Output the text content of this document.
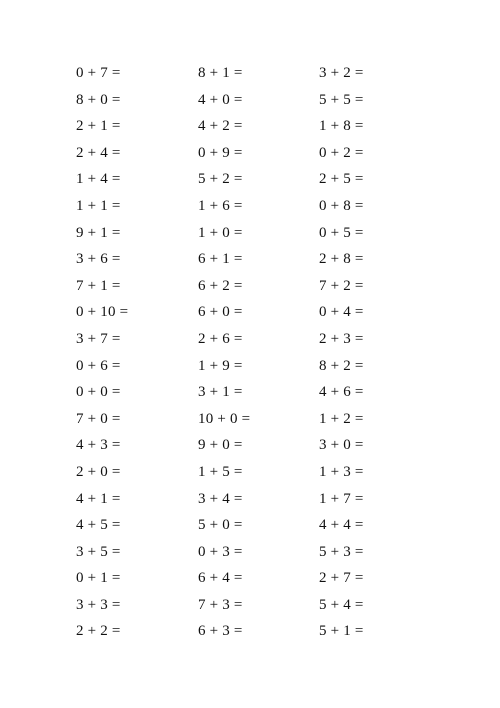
0 + 7 =
8 + 0 =
2 + 1 =
2 + 4 =
1 + 4 =
1 + 1 =
9 + 1 =
3 + 6 =
7 + 1 =
0 + 10 =
3 + 7 =
0 + 6 =
0 + 0 =
7 + 0 =
4 + 3 =
2 + 0 =
4 + 1 =
4 + 5 =
3 + 5 =
0 + 1 =
3 + 3 =
2 + 2 =
8 + 1 =
4 + 0 =
4 + 2 =
0 + 9 =
5 + 2 =
1 + 6 =
1 + 0 =
6 + 1 =
6 + 2 =
6 + 0 =
2 + 6 =
1 + 9 =
3 + 1 =
10 + 0 =
9 + 0 =
1 + 5 =
3 + 4 =
5 + 0 =
0 + 3 =
6 + 4 =
7 + 3 =
6 + 3 =
3 + 2 =
5 + 5 =
1 + 8 =
0 + 2 =
2 + 5 =
0 + 8 =
0 + 5 =
2 + 8 =
7 + 2 =
0 + 4 =
2 + 3 =
8 + 2 =
4 + 6 =
1 + 2 =
3 + 0 =
1 + 3 =
1 + 7 =
4 + 4 =
5 + 3 =
2 + 7 =
5 + 4 =
5 + 1 =
